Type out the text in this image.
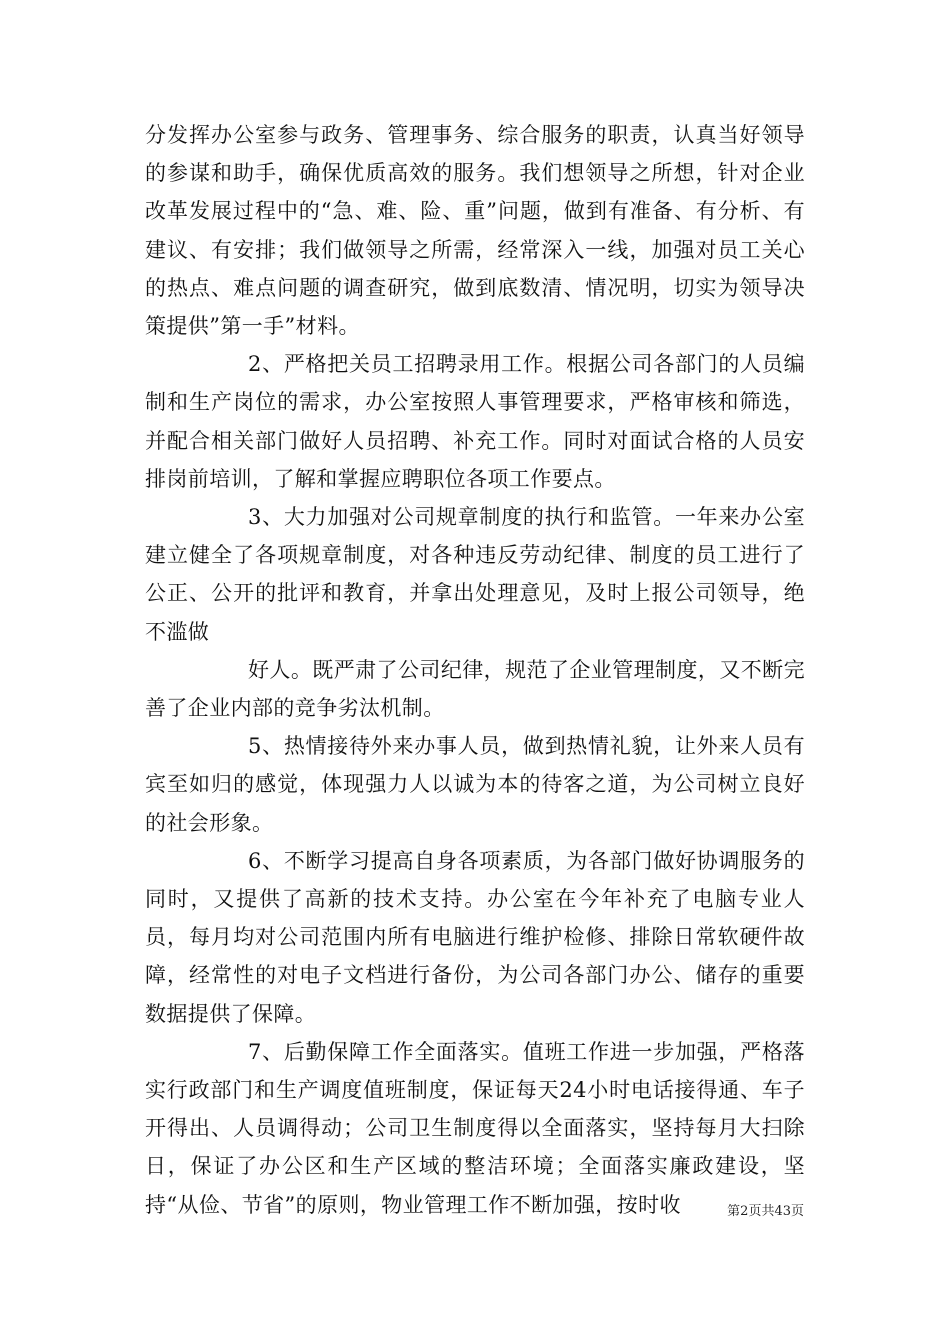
分发挥办公室参与政务、管理事务、综合服务的职责，认真当好领导的参谋和助手，确保优质高效的服务。我们想领导之所想，针对企业改革发展过程中的“急、难、险、重”问题，做到有准备、有分析、有建议、有安排；我们做领导之所需，经常深入一线，加强对员工关心的热点、难点问题的调查研究，做到底数清、情况明，切实为领导决策提供”第一手”材料。

2、严格把关员工招聘录用工作。根据公司各部门的人员编制和生产岗位的需求，办公室按照人事管理要求，严格审核和筛选，并配合相关部门做好人员招聘、补充工作。同时对面试合格的人员安排岗前培训，了解和掌握应聘职位各项工作要点。

3、大力加强对公司规章制度的执行和监管。一年来办公室建立健全了各项规章制度，对各种违反劳动纪律、制度的员工进行了公正、公开的批评和教育，并拿出处理意见，及时上报公司领导，绝不滥做

好人。既严肃了公司纪律，规范了企业管理制度，又不断完善了企业内部的竞争劣汰机制。

5、热情接待外来办事人员，做到热情礼貌，让外来人员有宾至如归的感觉，体现强力人以诚为本的待客之道，为公司树立良好的社会形象。

6、不断学习提高自身各项素质，为各部门做好协调服务的同时，又提供了高新的技术支持。办公室在今年补充了电脑专业人员，每月均对公司范围内所有电脑进行维护检修、排除日常软硬件故障，经常性的对电子文档进行备份，为公司各部门办公、储存的重要数据提供了保障。

7、后勤保障工作全面落实。值班工作进一步加强，严格落实行政部门和生产调度值班制度，保证每天24小时电话接得通、车子开得出、人员调得动；公司卫生制度得以全面落实，坚持每月大扫除日，保证了办公区和生产区域的整洁环境；全面落实廉政建设，坚持“从俭、节省”的原则，物业管理工作不断加强，按时收	第2页共43页
